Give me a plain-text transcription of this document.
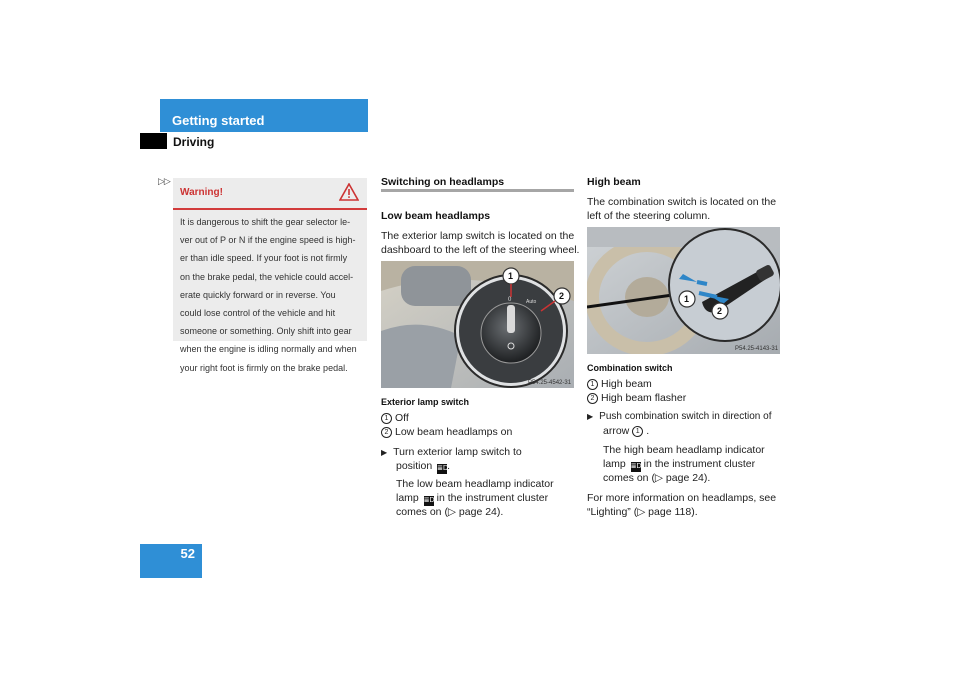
Getting started
Driving
52
▷▷
Warning!
It is dangerous to shift the gear selector le-
ver out of P or N if the engine speed is high-
er than idle speed. If your foot is not firmly
on the brake pedal, the vehicle could accel-
erate quickly forward or in reverse. You
could lose control of the vehicle and hit
someone or something. Only shift into gear
when the engine is idling normally and when
your right foot is firmly on the brake pedal.
Switching on headlamps
Low beam headlamps
The exterior lamp switch is located on the
dashboard to the left of the steering wheel.
0	Auto
1
2
P54.25-4542-31
Exterior lamp switch
1 Off
2 Low beam headlamps on
▶ Turn exterior lamp switch to
position ≣D.
The low beam headlamp indicator
lamp ≣D in the instrument cluster
comes on (▷ page 24).
High beam
The combination switch is located on the
left of the steering column.
1
2
P54.25-4143-31
Combination switch
1 High beam
2 High beam flasher
▶ Push combination switch in direction of
arrow 1 .
The high beam headlamp indicator
lamp ≣D in the instrument cluster
comes on (▷ page 24).
For more information on headlamps, see
“Lighting” (▷ page 118).
